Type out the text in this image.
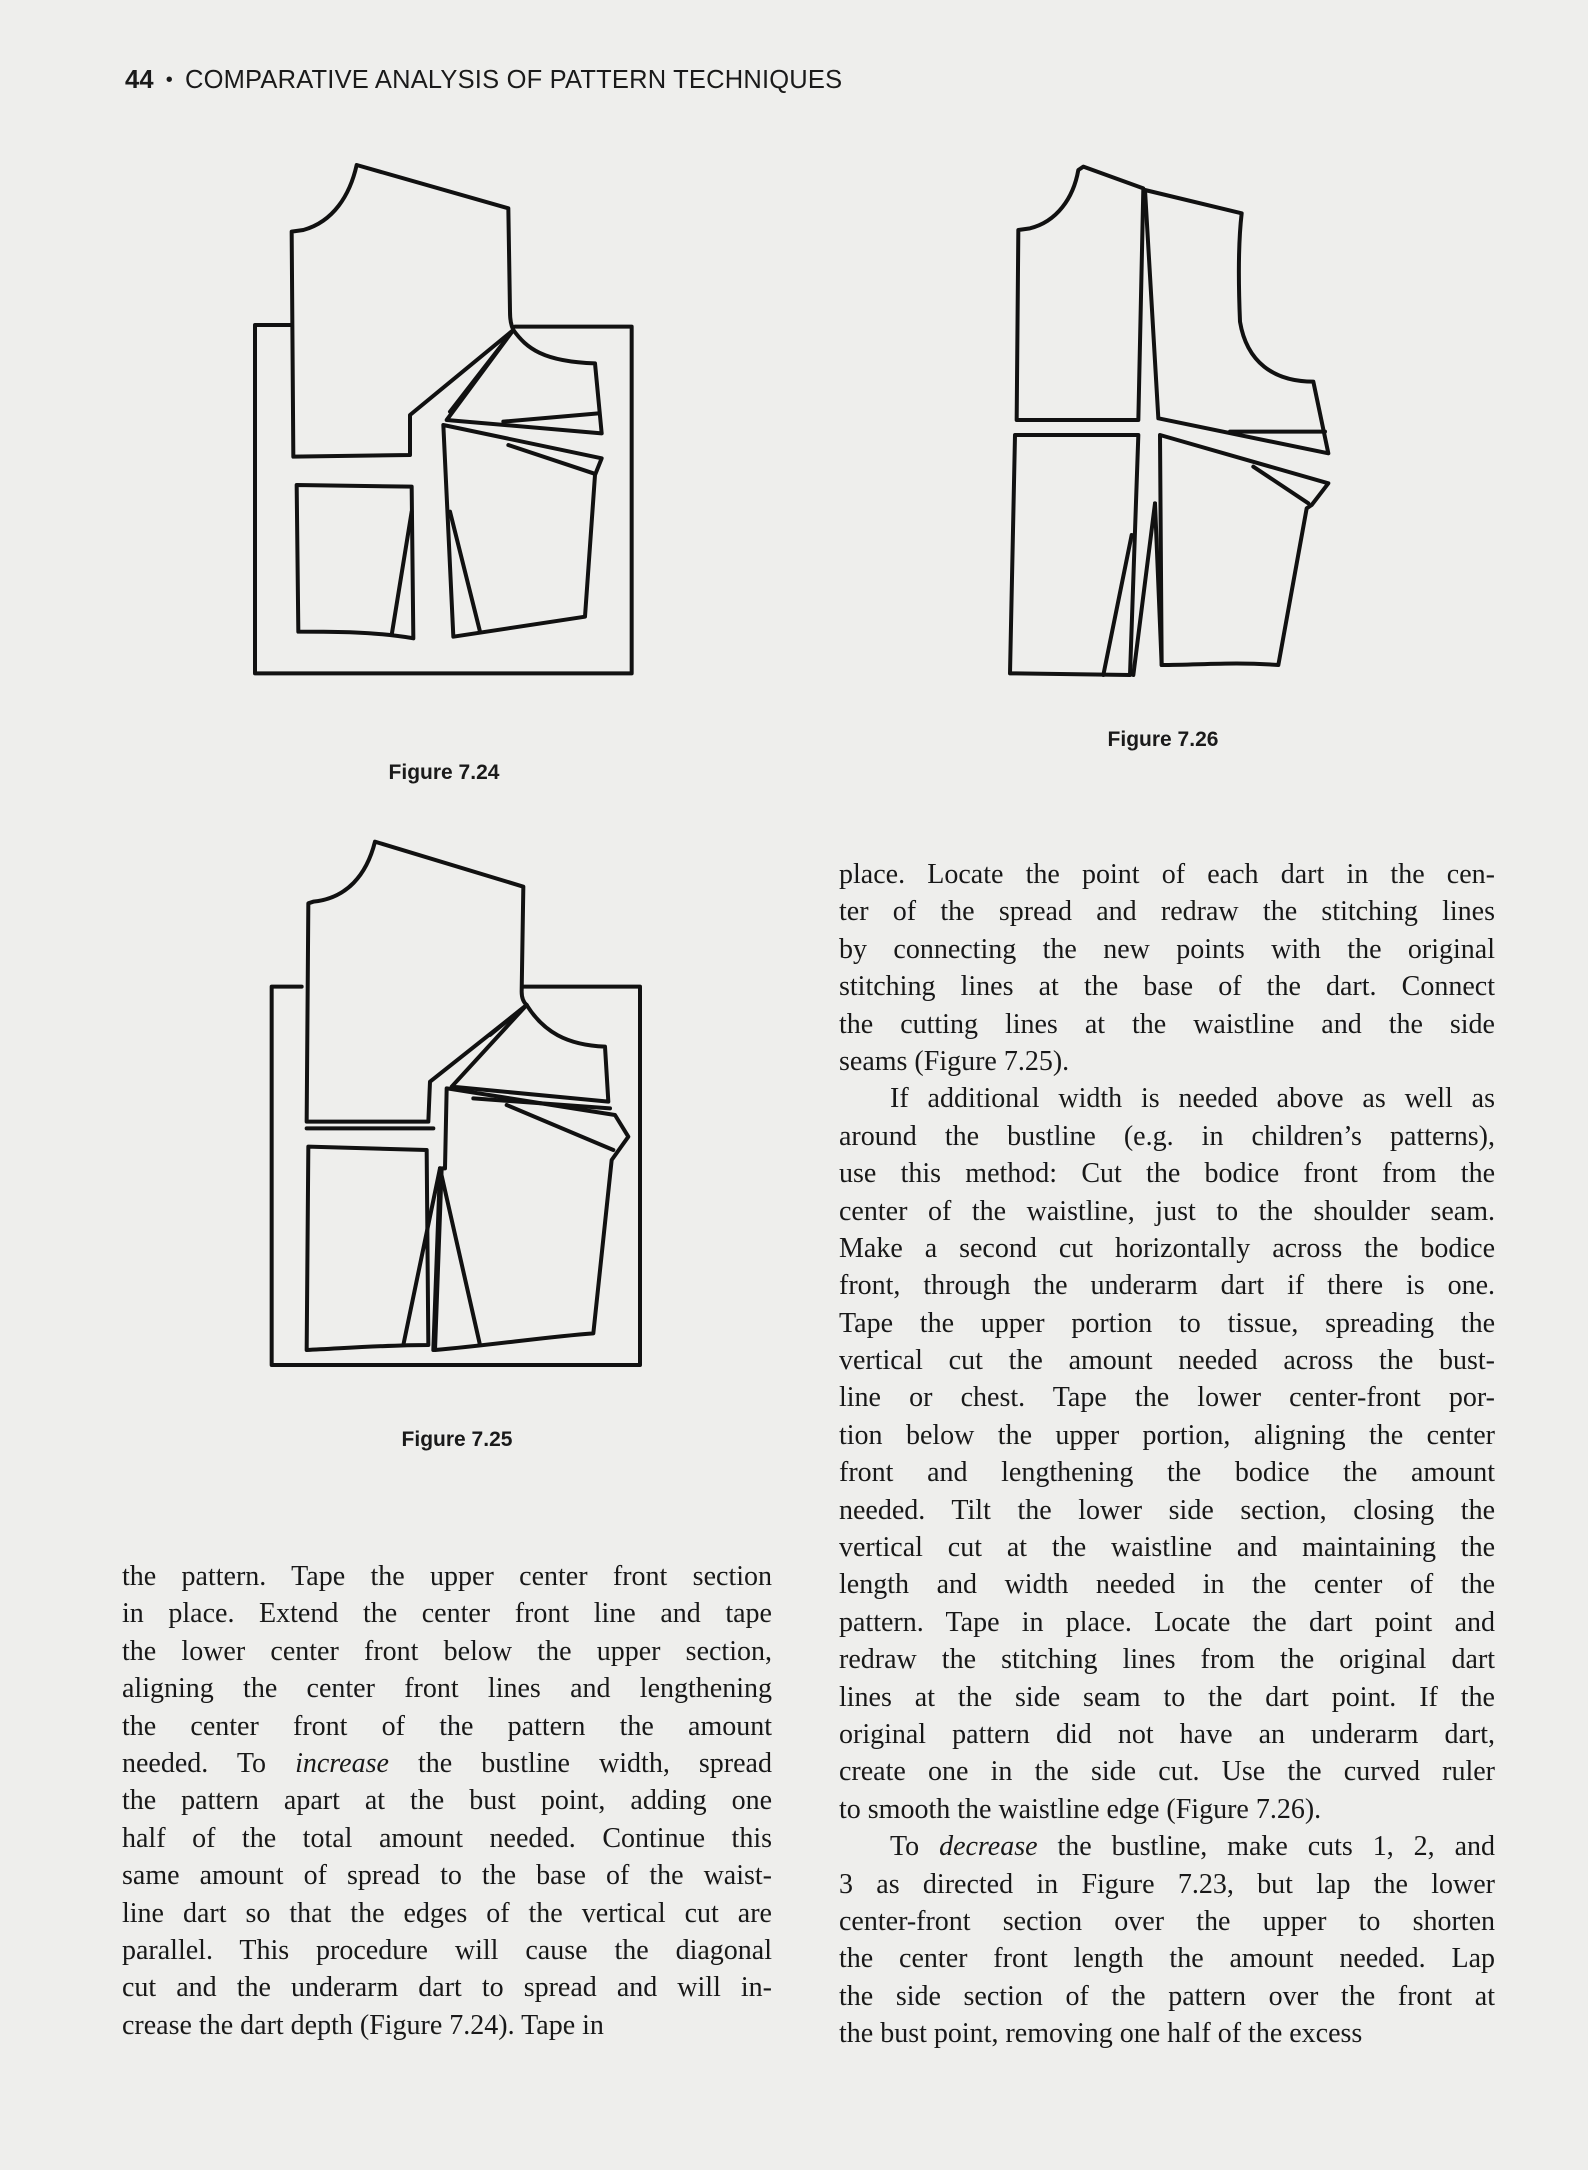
44 • COMPARATIVE ANALYSIS OF PATTERN TECHNIQUES
Figure 7.24
Figure 7.26
Figure 7.25
the pattern. Tape the upper center front section
in place. Extend the center front line and tape
the lower center front below the upper section,
aligning the center front lines and lengthening
the center front of the pattern the amount
needed. To increase the bustline width, spread
the pattern apart at the bust point, adding one
half of the total amount needed. Continue this
same amount of spread to the base of the waist-
line dart so that the edges of the vertical cut are
parallel. This procedure will cause the diagonal
cut and the underarm dart to spread and will in-
crease the dart depth (Figure 7.24). Tape in
place. Locate the point of each dart in the cen-
ter of the spread and redraw the stitching lines
by connecting the new points with the original
stitching lines at the base of the dart. Connect
the cutting lines at the waistline and the side
seams (Figure 7.25).
If additional width is needed above as well as
around the bustline (e.g. in children’s patterns),
use this method: Cut the bodice front from the
center of the waistline, just to the shoulder seam.
Make a second cut horizontally across the bodice
front, through the underarm dart if there is one.
Tape the upper portion to tissue, spreading the
vertical cut the amount needed across the bust-
line or chest. Tape the lower center-front por-
tion below the upper portion, aligning the center
front and lengthening the bodice the amount
needed. Tilt the lower side section, closing the
vertical cut at the waistline and maintaining the
length and width needed in the center of the
pattern. Tape in place. Locate the dart point and
redraw the stitching lines from the original dart
lines at the side seam to the dart point. If the
original pattern did not have an underarm dart,
create one in the side cut. Use the curved ruler
to smooth the waistline edge (Figure 7.26).
To decrease the bustline, make cuts 1, 2, and
3 as directed in Figure 7.23, but lap the lower
center-front section over the upper to shorten
the center front length the amount needed. Lap
the side section of the pattern over the front at
the bust point, removing one half of the excess
